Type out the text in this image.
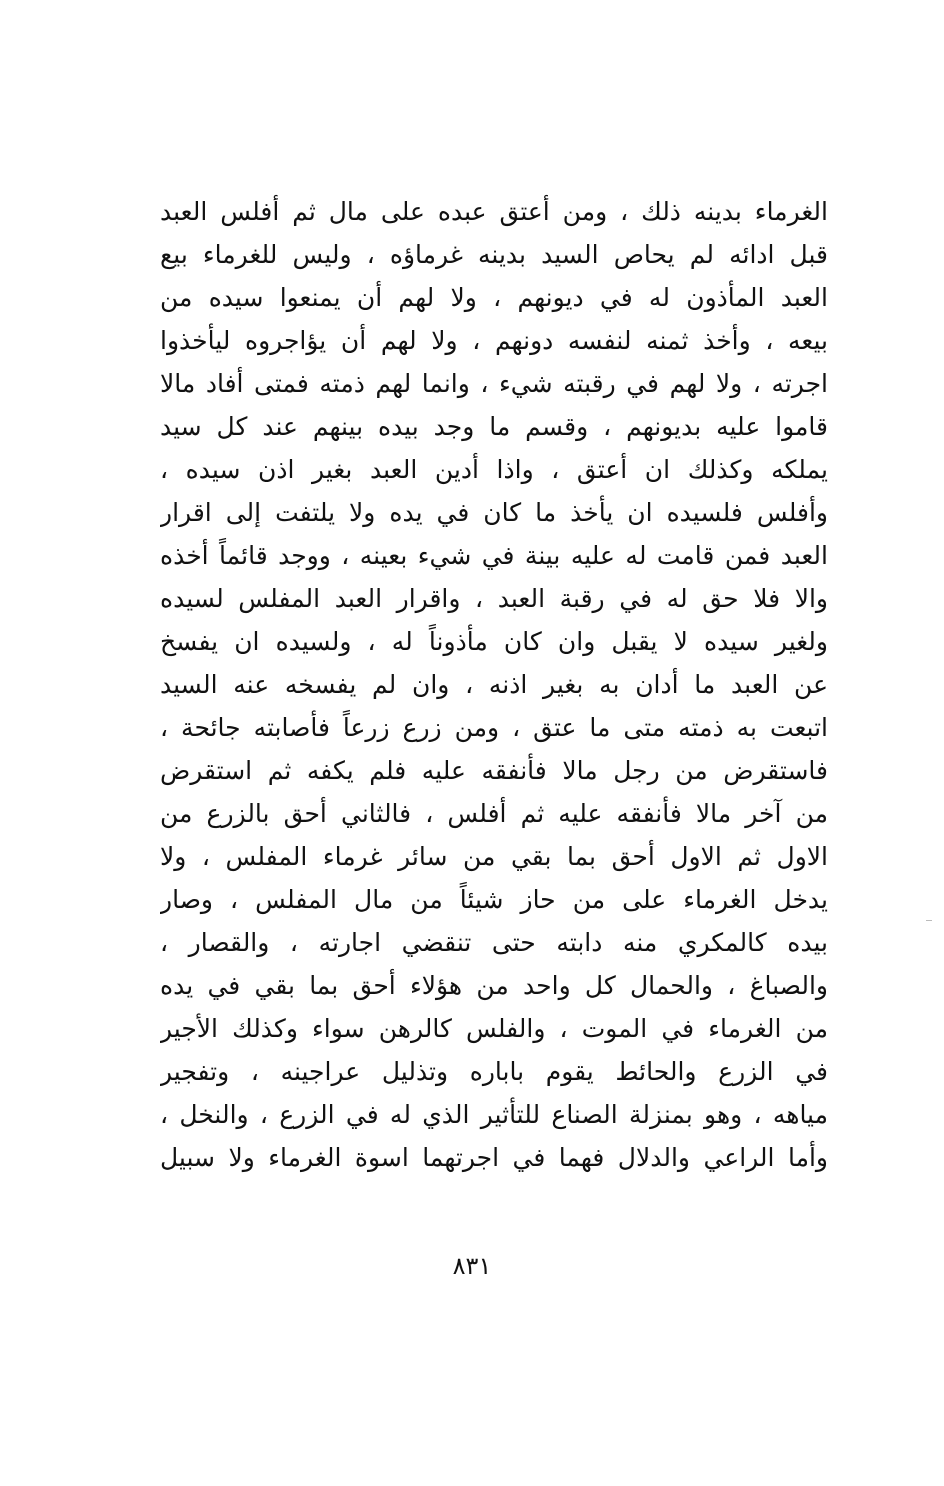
الغرماء بدينه ذلك ، ومن أعتق عبده على مال ثم أفلس العبد
قبل ادائه لم يحاص السيد بدينه غرماؤه ، وليس للغرماء بيع
العبد المأذون له في ديونهم ، ولا لهم أن يمنعوا سيده من
بيعه ، وأخذ ثمنه لنفسه دونهم ، ولا لهم أن يؤاجروه ليأخذوا
اجرته ، ولا لهم في رقبته شيء ، وانما لهم ذمته فمتى أفاد مالا
قاموا عليه بديونهم ، وقسم ما وجد بيده بينهم عند كل سيد
يملكه وكذلك ان أعتق ، واذا أدين العبد بغير اذن سيده ،
وأفلس فلسيده ان يأخذ ما كان في يده ولا يلتفت إلى اقرار
العبد فمن قامت له عليه بينة في شيء بعينه ، ووجد قائماً أخذه
والا فلا حق له في رقبة العبد ، واقرار العبد المفلس لسيده
ولغير سيده لا يقبل وان كان مأذوناً له ، ولسيده ان يفسخ
عن العبد ما أدان به بغير اذنه ، وان لم يفسخه عنه السيد
اتبعت به ذمته متى ما عتق ، ومن زرع زرعاً فأصابته جائحة ،
فاستقرض من رجل مالا فأنفقه عليه فلم يكفه ثم استقرض
من آخر مالا فأنفقه عليه ثم أفلس ، فالثاني أحق بالزرع من
الاول ثم الاول أحق بما بقي من سائر غرماء المفلس ، ولا
يدخل الغرماء على من حاز شيئاً من مال المفلس ، وصار
بيده كالمكري منه دابته حتى تنقضي اجارته ، والقصار ،
والصباغ ، والحمال كل واحد من هؤلاء أحق بما بقي في يده
من الغرماء في الموت ، والفلس كالرهن سواء وكذلك الأجير
في الزرع والحائط يقوم باباره وتذليل عراجينه ، وتفجير
مياهه ، وهو بمنزلة الصناع للتأثير الذي له في الزرع ، والنخل ،
وأما الراعي والدلال فهما في اجرتهما اسوة الغرماء ولا سبيل
٨٣١
